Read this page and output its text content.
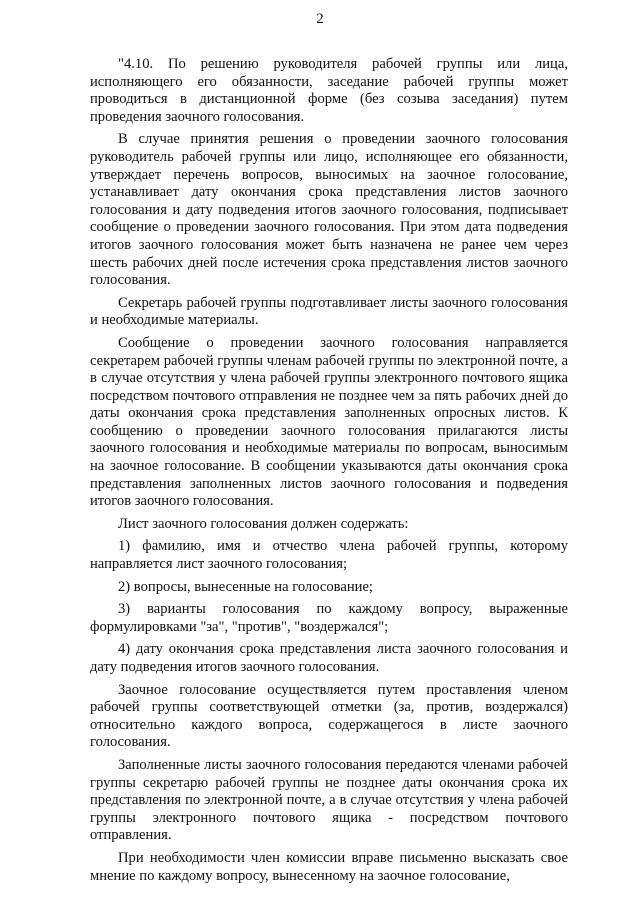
2

"4.10. По решению руководителя рабочей группы или лица, исполняющего его обязанности, заседание рабочей группы может проводиться в дистанционной форме (без созыва заседания) путем проведения заочного голосования.

В случае принятия решения о проведении заочного голосования руководитель рабочей группы или лицо, исполняющее его обязанности, утверждает перечень вопросов, выносимых на заочное голосование, устанавливает дату окончания срока представления листов заочного голосования и дату подведения итогов заочного голосования, подписывает сообщение о проведении заочного голосования. При этом дата подведения итогов заочного голосования может быть назначена не ранее чем через шесть рабочих дней после истечения срока представления листов заочного голосования.

Секретарь рабочей группы подготавливает листы заочного голосования и необходимые материалы.

Сообщение о проведении заочного голосования направляется секретарем рабочей группы членам рабочей группы по электронной почте, а в случае отсутствия у члена рабочей группы электронного почтового ящика посредством почтового отправления не позднее чем за пять рабочих дней до даты окончания срока представления заполненных опросных листов. К сообщению о проведении заочного голосования прилагаются листы заочного голосования и необходимые материалы по вопросам, выносимым на заочное голосование. В сообщении указываются даты окончания срока представления заполненных листов заочного голосования и подведения итогов заочного голосования.

Лист заочного голосования должен содержать:

1) фамилию, имя и отчество члена рабочей группы, которому направляется лист заочного голосования;

2) вопросы, вынесенные на голосование;

3) варианты голосования по каждому вопросу, выраженные формулировками "за", "против", "воздержался";

4) дату окончания срока представления листа заочного голосования и дату подведения итогов заочного голосования.

Заочное голосование осуществляется путем проставления членом рабочей группы соответствующей отметки (за, против, воздержался) относительно каждого вопроса, содержащегося в листе заочного голосования.

Заполненные листы заочного голосования передаются членами рабочей группы секретарю рабочей группы не позднее даты окончания срока их представления по электронной почте, а в случае отсутствия у члена рабочей группы электронного почтового ящика - посредством почтового отправления.

При необходимости член комиссии вправе письменно высказать свое мнение по каждому вопросу, вынесенному на заочное голосование,
